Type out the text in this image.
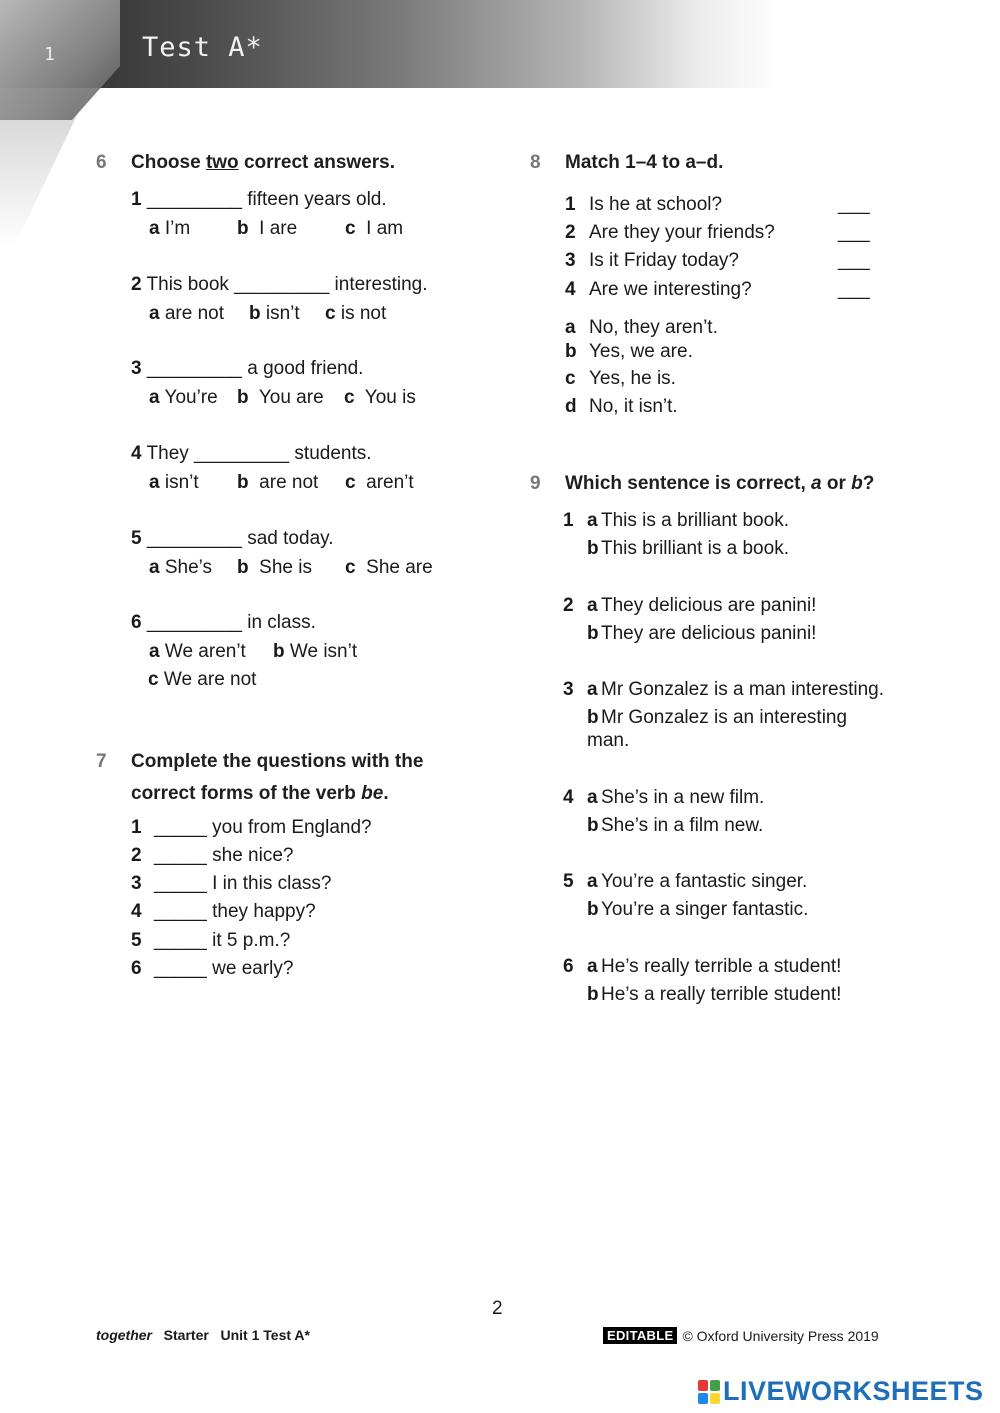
1	Test A*
6 Choose two correct answers.
1 _________ fifteen years old.
a I’m b I are	c I am
2 This book _________ interesting.
a are not b isn’t c is not
3 _________ a good friend.
a You’re b You are c You is
4 They _________ students.
a isn’t b are not c aren’t
5 _________ sad today.
a She’s b She is c She are
6 _________ in class.
a We aren’t b We isn’t
c We are not
7 Complete the questions with the
correct forms of the verb be.
1 _____ you from England?
2 _____ she nice?
3 _____ I in this class?
4 _____ they happy?
5 _____ it 5 p.m.?
6 _____ we early?
8 Match 1–4 to a–d.
1 Is he at school?	___
2 Are they your friends?	___
3 Is it Friday today?	___
4 Are we interesting?	___
a No, they aren’t.
b Yes, we are.
c Yes, he is.
d No, it isn’t.
9 Which sentence is correct, a or b?
1 a This is a brilliant book.
b This brilliant is a book.
2 a They delicious are panini!
b They are delicious panini!
3 a Mr Gonzalez is a man interesting.
b Mr Gonzalez is an interesting
man.
4 a She’s in a new film.
b She’s in a film new.
5 a You’re a fantastic singer.
b You’re a singer fantastic.
6 a He’s really terrible a student!
b He’s a really terrible student!
2
together Starter Unit 1 Test A*	EDITABLE © Oxford University Press 2019
LIVEWORKSHEETS
